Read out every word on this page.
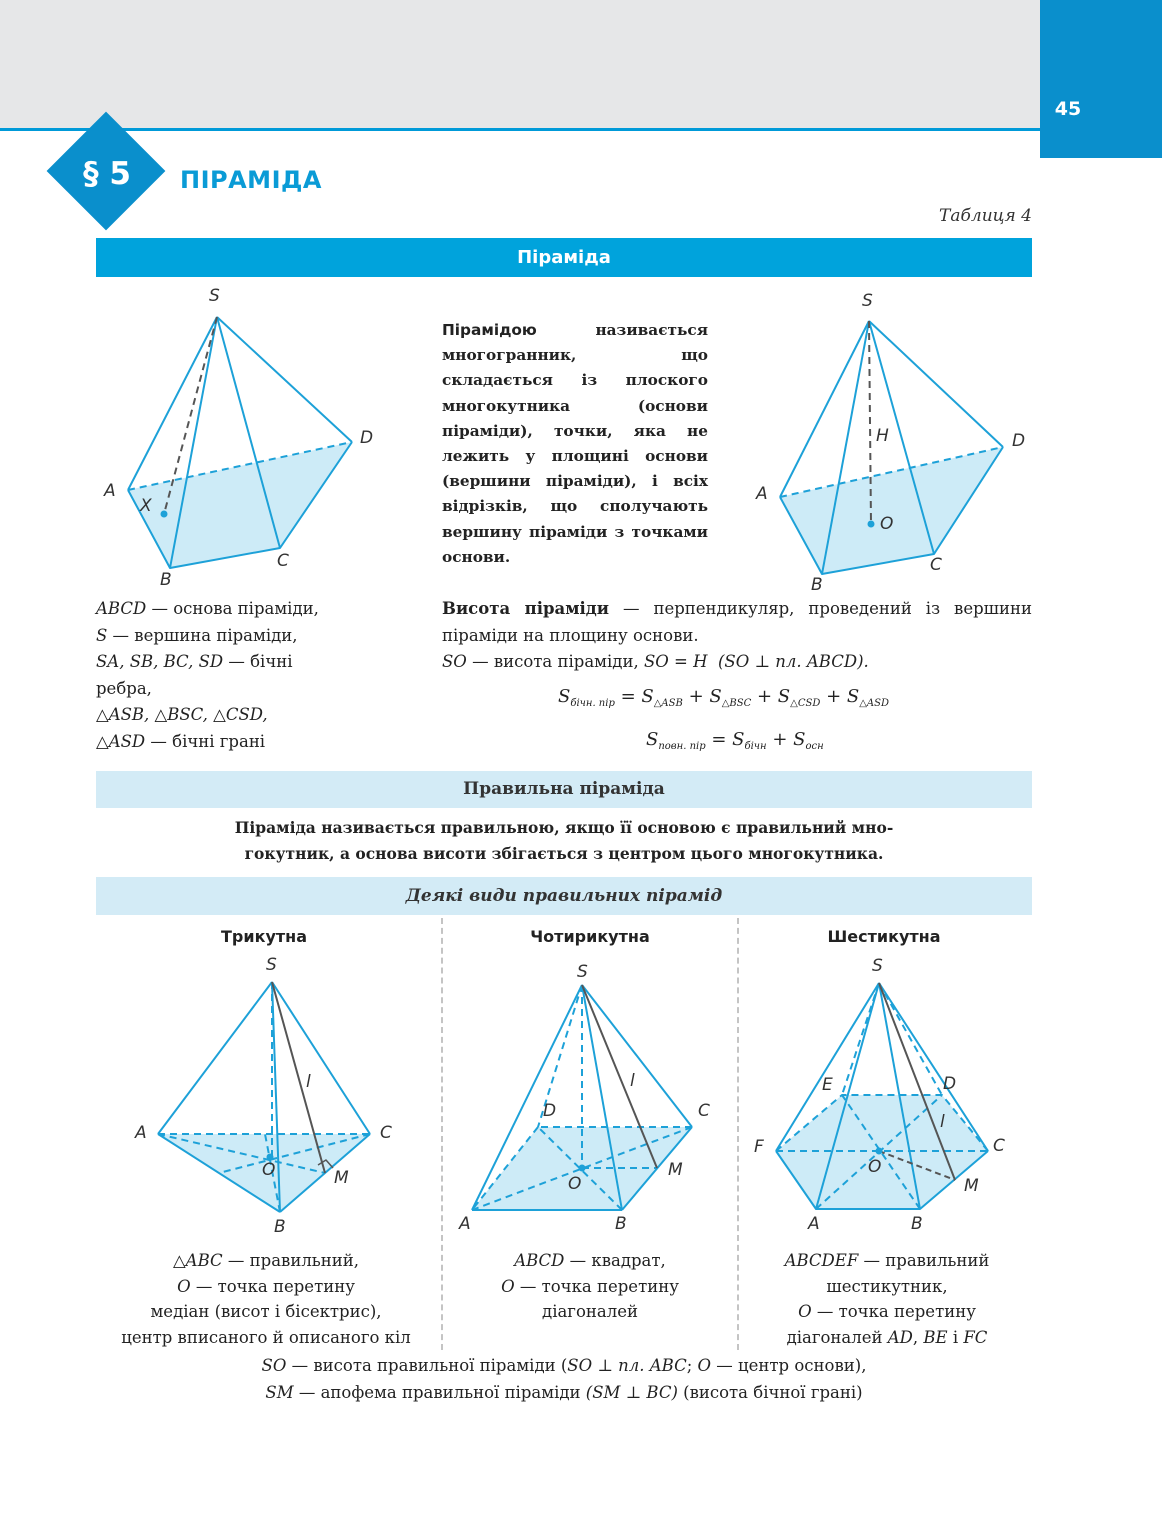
45
§ 5	ПІРАМІДА
Таблиця 4
Піраміда
S
A
B
C
D
X
Пірамідою	називається многогранник, що складається із плоского многокутника (основи піраміди), точки, яка не лежить у площині основи (вершини піраміди), і всіх відрізків, що сполучають вершину піраміди з точками основи.
S
A
B
C
D
H
O
ABCD — основа піраміди,
S — вершина піраміди,
SA, SB, BC, SD — бічні
ребра,
△ASB, △BSC, △CSD,
△ASD — бічні грані
Висота піраміди — перпендикуляр, проведений із вершини піраміди на площину основи.
SO — висота піраміди, SO = H (SO ⊥ пл. ABCD).
$S_{бічн. пір} = S_{\triangle ASB} + S_{\triangle BSC} + S_{\triangle CSD} + S_{\triangle ASD}$
$S_{повн. пір} = S_{бічн} + S_{осн}$
Правильна піраміда
Піраміда називається правильною, якщо її основою є правильний мно-
гокутник, а основа висоти збігається з центром цього многокутника.
Деякі види правильних пірамід
Трикутна	Чотирикутна	Шестикутна
S
A
B
C
O	M
l
S
A	B
C
D
O
M
l
S
A	B
C
D
E
F
O
M
l
△ABC — правильний,
O — точка перетину
медіан (висот і бісектрис),
центр вписаного й описаного кіл
ABCD — квадрат,
O — точка перетину
діагоналей
ABCDEF — правильний
шестикутник,
O — точка перетину
діагоналей AD, BE і FC
SO — висота правильної піраміди (SO ⊥ пл. ABC; O — центр основи),
SM — апофема правильної піраміди (SM ⊥ BC) (висота бічної грані)
